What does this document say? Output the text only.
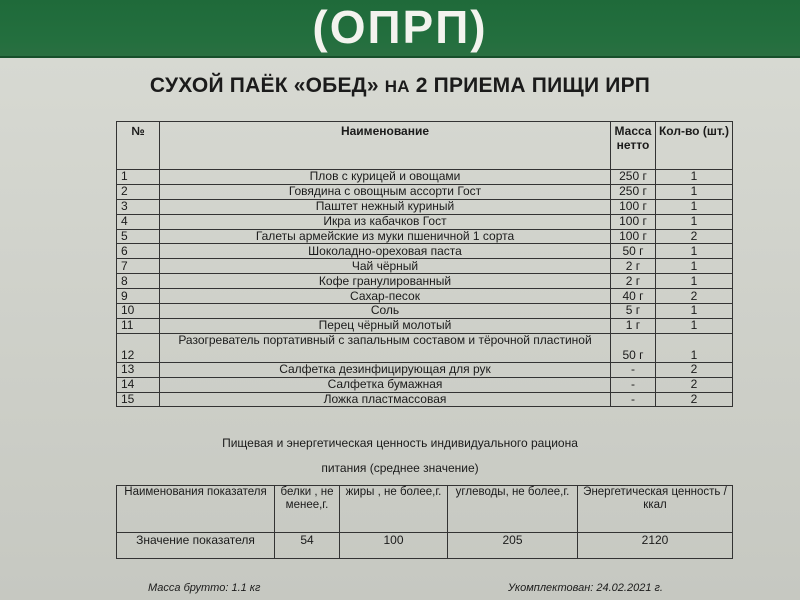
(ОПРП)
СУХОЙ ПАЁК «ОБЕД» НА 2 ПРИЕМА ПИЩИ ИРП
№	Наименование	Масса нетто	Кол-во (шт.)
1	Плов с курицей и овощами	250 г	1
2	Говядина с овощным ассорти Гост	250 г	1
3	Паштет нежный куриный	100 г	1
4	Икра из кабачков Гост	100 г	1
5	Галеты армейские из муки пшеничной 1 сорта	100 г	2
6	Шоколадно-ореховая паста	50 г	1
7	Чай чёрный	2 г	1
8	Кофе гранулированный	2 г	1
9	Сахар-песок	40 г	2
10	Соль	5 г	1
11	Перец чёрный молотый	1 г	1
12	Разогреватель портативный с запальным составом и тёрочной пластиной	50 г	1
13	Салфетка дезинфицирующая для рук	-	2
14	Салфетка бумажная	-	2
15	Ложка пластмассовая	-	2
Пищевая и энергетическая ценность индивидуального рациона
питания (среднее значение)
Наименования показателя	белки , не менее,г.	жиры , не более,г.	углеводы, не более,г.	Энергетическая ценность /ккал
Значение показателя	54	100	205	2120
Масса брутто: 1.1 кг	Укомплектован: 24.02.2021 г.
